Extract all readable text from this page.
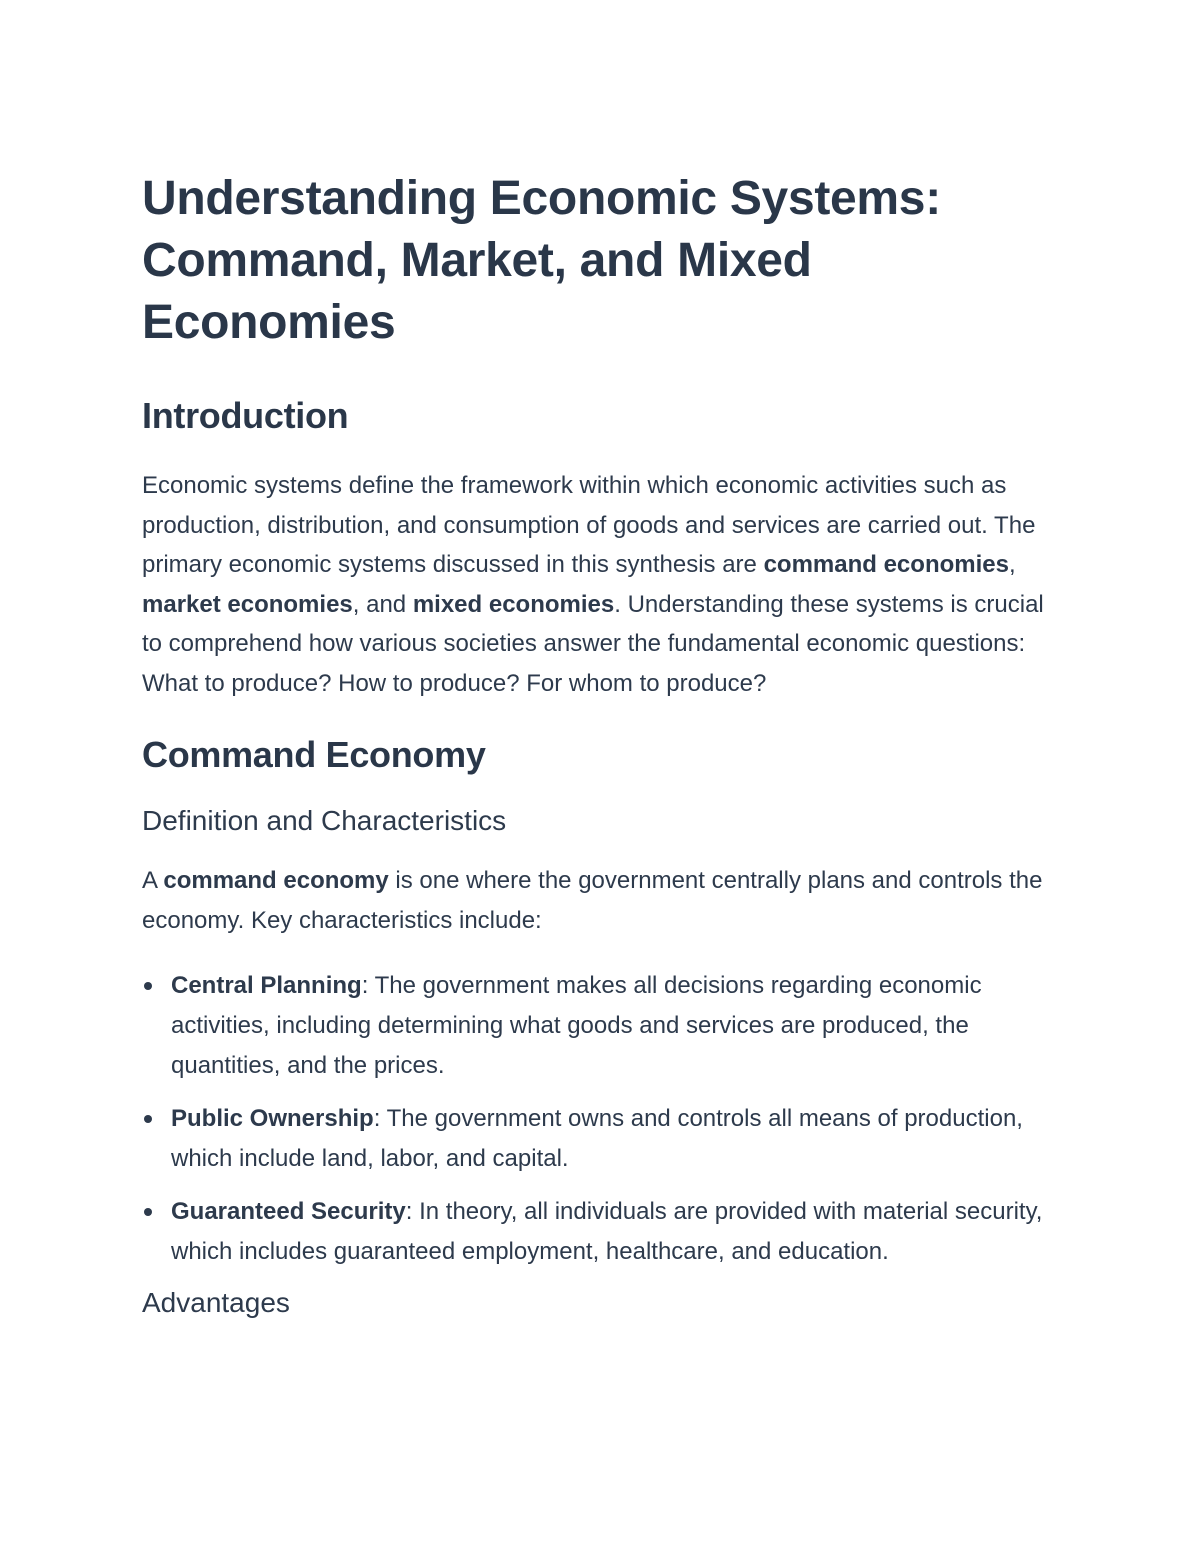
Understanding Economic Systems: Command, Market, and Mixed Economies
Introduction

Economic systems define the framework within which economic activities such as production, distribution, and consumption of goods and services are carried out. The primary economic systems discussed in this synthesis are command economies, market economies, and mixed economies. Understanding these systems is crucial to comprehend how various societies answer the fundamental economic questions: What to produce? How to produce? For whom to produce?

Command Economy
Definition and Characteristics

A command economy is one where the government centrally plans and controls the economy. Key characteristics include:

Central Planning: The government makes all decisions regarding economic activities, including determining what goods and services are produced, the quantities, and the prices.
Public Ownership: The government owns and controls all means of production, which include land, labor, and capital.
Guaranteed Security: In theory, all individuals are provided with material security, which includes guaranteed employment, healthcare, and education.
Advantages
